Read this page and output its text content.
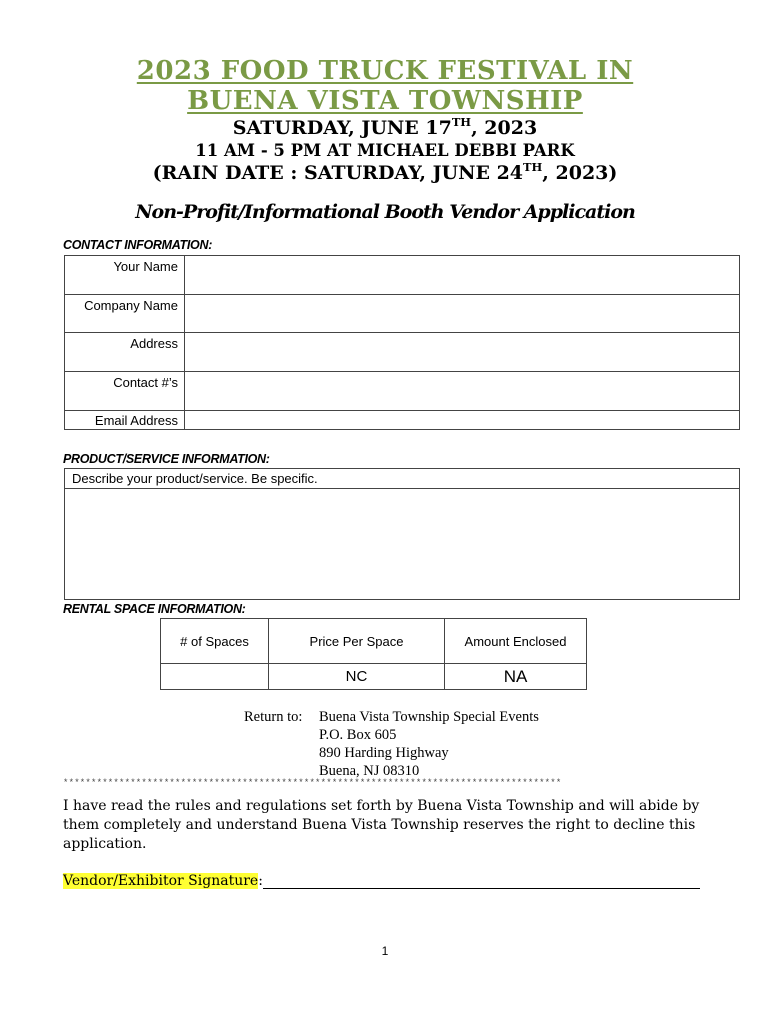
2023 FOOD TRUCK FESTIVAL IN
BUENA VISTA TOWNSHIP
SATURDAY, JUNE 17TH, 2023
11 AM - 5 PM AT MICHAEL DEBBI PARK
(RAIN DATE : SATURDAY, JUNE 24TH, 2023)
Non-Profit/Informational Booth Vendor Application
CONTACT INFORMATION:
Your Name	

Company Name	

Address	

Contact #’s	

Email Address	

PRODUCT/SERVICE INFORMATION:
Describe your product/service. Be specific.
RENTAL SPACE INFORMATION:
# of Spaces	Price Per Space	Amount Enclosed
	NC	NA
Return to: Buena Vista Township Special Events
P.O. Box 605
890 Harding Highway
Buena, NJ 08310
*****************************************************************************************
I have read the rules and regulations set forth by Buena Vista Township and will abide by them completely and understand Buena Vista Township reserves the right to decline this application.
Vendor/Exhibitor Signature:
1
